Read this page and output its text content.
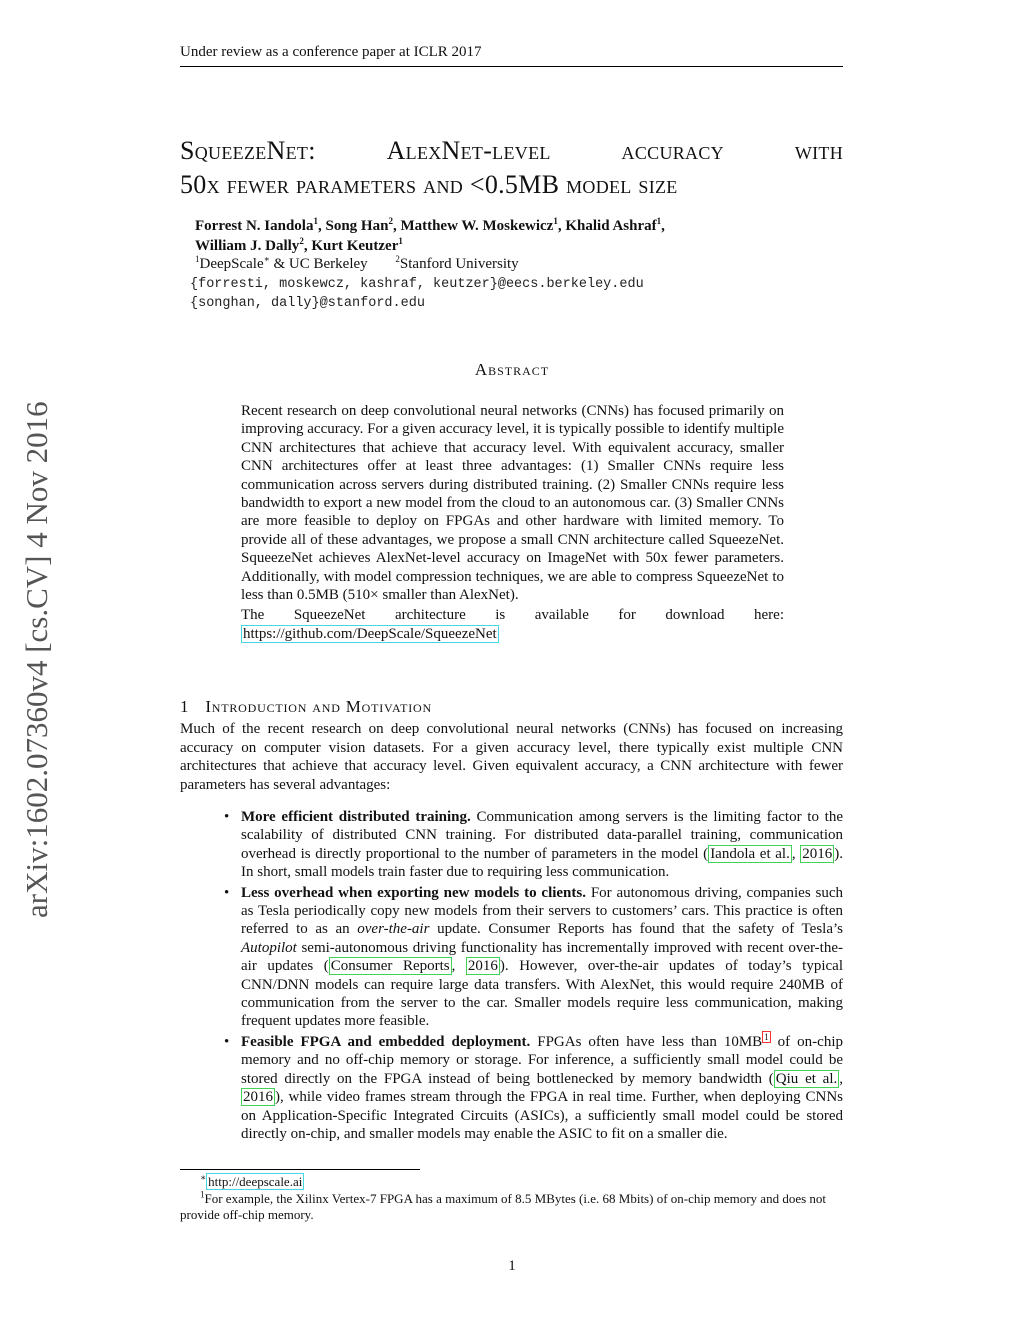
Under review as a conference paper at ICLR 2017
arXiv:1602.07360v4 [cs.CV] 4 Nov 2016
SqueezeNet:	AlexNet-level	accuracy	with
50x fewer parameters and <0.5MB model size
Forrest N. Iandola$^1$, Song Han$^2$, Matthew W. Moskewicz$^1$, Khalid Ashraf$^1$,
William J. Dally$^2$, Kurt Keutzer$^1$
$^1$DeepScale∗ & UC Berkeley	$^2$Stanford University
{forresti, moskewcz, kashraf, keutzer}@eecs.berkeley.edu
{songhan, dally}@stanford.edu
Abstract

Recent research on deep convolutional neural networks (CNNs) has focused primarily on improving accuracy. For a given accuracy level, it is typically possible to identify multiple CNN architectures that achieve that accuracy level. With equivalent accuracy, smaller CNN architectures offer at least three advantages: (1) Smaller CNNs require less communication across servers during distributed training. (2) Smaller CNNs require less bandwidth to export a new model from the cloud to an autonomous car. (3) Smaller CNNs are more feasible to deploy on FPGAs and other hardware with limited memory. To provide all of these advantages, we propose a small CNN architecture called SqueezeNet. SqueezeNet achieves AlexNet-level accuracy on ImageNet with 50x fewer parameters. Additionally, with model compression techniques, we are able to compress SqueezeNet to less than 0.5MB (510× smaller than AlexNet).

The SqueezeNet architecture is available for download here:

https://github.com/DeepScale/SqueezeNet

1 Introduction and Motivation
Much of the recent research on deep convolutional neural networks (CNNs) has focused on increasing accuracy on computer vision datasets. For a given accuracy level, there typically exist multiple CNN architectures that achieve that accuracy level. Given equivalent accuracy, a CNN architecture with fewer parameters has several advantages:
• More efficient distributed training. Communication among servers is the limiting factor to the scalability of distributed CNN training. For distributed data-parallel training, communication overhead is directly proportional to the number of parameters in the model ( Iandola et al. , 2016 ). In short, small models train faster due to requiring less communication.
• Less overhead when exporting new models to clients. For autonomous driving, companies such as Tesla periodically copy new models from their servers to customers’ cars. This practice is often referred to as an over-the-air update. Consumer Reports has found that the safety of Tesla’s Autopilot semi-autonomous driving functionality has incrementally improved with recent over-the-air updates ( Consumer Reports , 2016 ). However, over-the-air updates of today’s typical CNN/DNN models can require large data transfers. With AlexNet, this would require 240MB of communication from the server to the car. Smaller models require less communication, making frequent updates more feasible.
• Feasible FPGA and embedded deployment. FPGAs often have less than 10MB $^1$ of on-chip memory and no off-chip memory or storage. For inference, a sufficiently small model could be stored directly on the FPGA instead of being bottlenecked by memory bandwidth ( Qiu et al. , 2016 ), while video frames stream through the FPGA in real time. Further, when deploying CNNs on Application-Specific Integrated Circuits (ASICs), a sufficiently small model could be stored directly on-chip, and smaller models may enable the ASIC to fit on a smaller die.
∗ http://deepscale.ai
$^1$For example, the Xilinx Vertex-7 FPGA has a maximum of 8.5 MBytes (i.e. 68 Mbits) of on-chip memory and does not provide off-chip memory.
1
